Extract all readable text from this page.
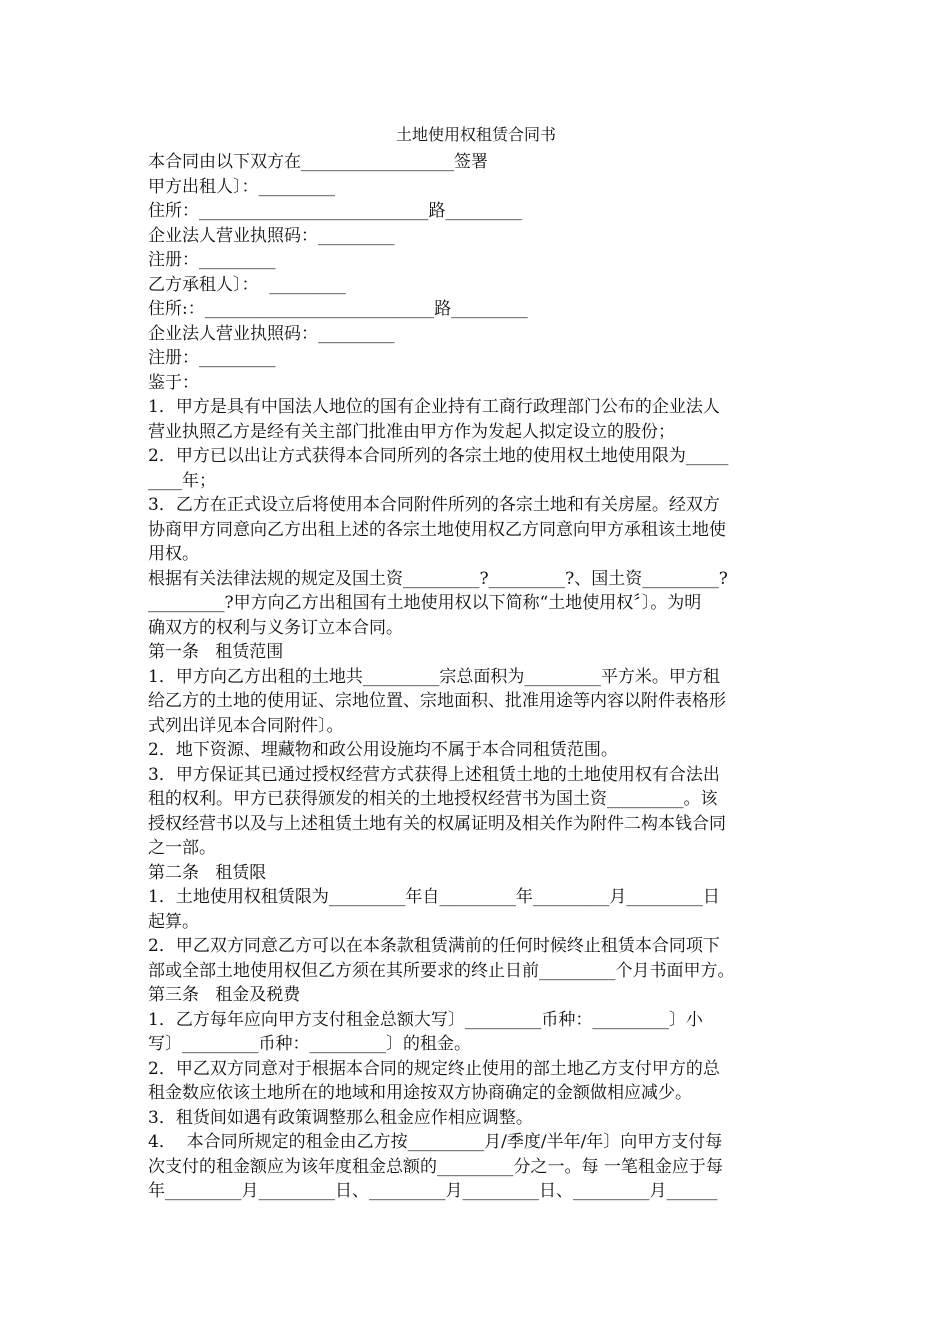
土地使用权租赁合同书

本合同由以下双方在__________________签署

甲方出租人〕：_________

住所：___________________________路_________

企业法人营业执照码：_________

注册：_________

乙方承租人〕：  _________

住所:：___________________________路_________

企业法人营业执照码：_________

注册：_________

鉴于：

1．甲方是具有中国法人地位的国有企业持有工商行政理部门公布的企业法人

营业执照乙方是经有关主部门批准由甲方作为发起人拟定设立的股份；

2．甲方已以出让方式获得本合同所列的各宗土地的使用权土地使用限为_____

____年；

3．乙方在正式设立后将使用本合同附件所列的各宗土地和有关房屋。经双方

协商甲方同意向乙方出租上述的各宗土地使用权乙方同意向甲方承租该土地使

用权。

根据有关法律法规的规定及国土资_________?_________?、国土资_________?

_________?甲方向乙方出租国有土地使用权以下简称“土地使用权〞〕。为明

确双方的权利与义务订立本合同。

第一条   租赁范围

1．甲方向乙方出租的土地共_________宗总面积为_________平方米。甲方租

给乙方的土地的使用证、宗地位置、宗地面积、批准用途等内容以附件表格形

式列出详见本合同附件〕。

2．地下资源、埋藏物和政公用设施均不属于本合同租赁范围。

3．甲方保证其已通过授权经营方式获得上述租赁土地的土地使用权有合法出

租的权利。甲方已获得颁发的相关的土地授权经营书为国土资_________。该

授权经营书以及与上述租赁土地有关的权属证明及相关作为附件二构本钱合同

之一部。

第二条   租赁限

1．土地使用权租赁限为_________年自_________年_________月_________日

起算。

2．甲乙双方同意乙方可以在本条款租赁满前的任何时候终止租赁本合同项下

部或全部土地使用权但乙方须在其所要求的终止日前_________个月书面甲方。

第三条   租金及税费

1．乙方每年应向甲方支付租金总额大写〕_________币种：_________〕小

写〕_________币种：_________〕的租金。

2．甲乙双方同意对于根据本合同的规定终止使用的部土地乙方支付甲方的总

租金数应依该土地所在的地域和用途按双方协商确定的金额做相应减少。

3．租货间如遇有政策调整那么租金应作相应调整。

4．  本合同所规定的租金由乙方按_________月/季度/半年/年〕向甲方支付每

次支付的租金额应为该年度租金总额的_________分之一。每 一笔租金应于每

年_________月_________日、_________月_________日、_________月______
